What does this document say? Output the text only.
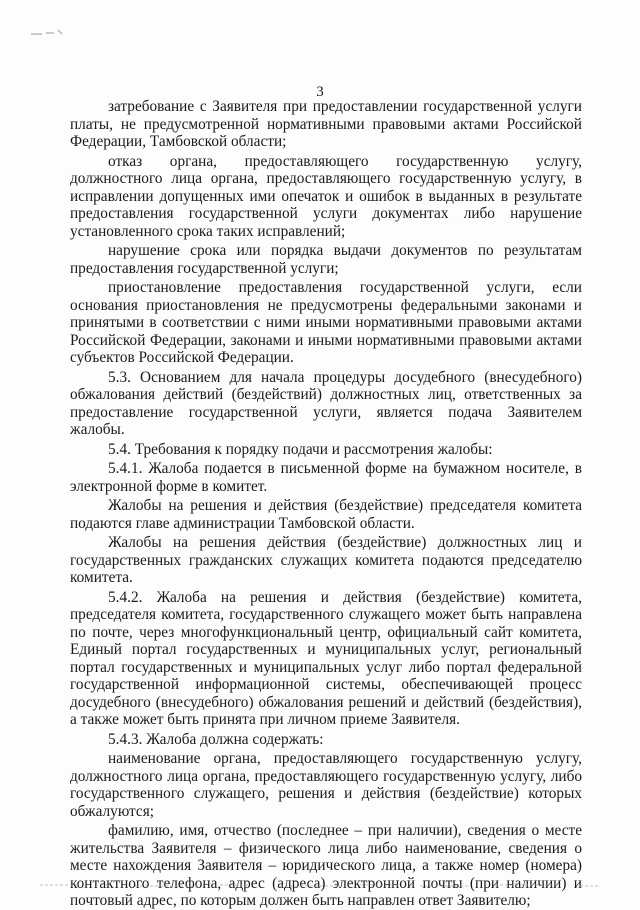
3

затребование с Заявителя при предоставлении государственной услуги платы, не предусмотренной нормативными правовыми актами Российской Федерации, Тамбовской области;

отказ органа, предоставляющего государственную услугу, должностного лица органа, предоставляющего государственную услугу, в исправлении допущенных ими опечаток и ошибок в выданных в результате предоставления государственной услуги документах либо нарушение установленного срока таких исправлений;

нарушение срока или порядка выдачи документов по результатам предоставления государственной услуги;

приостановление предоставления государственной услуги, если основания приостановления не предусмотрены федеральными законами и принятыми в соответствии с ними иными нормативными правовыми актами Российской Федерации, законами и иными нормативными правовыми актами субъектов Российской Федерации.

5.3. Основанием для начала процедуры досудебного (внесудебного) обжалования действий (бездействий) должностных лиц, ответственных за предоставление государственной услуги, является подача Заявителем жалобы.

5.4. Требования к порядку подачи и рассмотрения жалобы:

5.4.1. Жалоба подается в письменной форме на бумажном носителе, в электронной форме в комитет.

Жалобы на решения и действия (бездействие) председателя комитета подаются главе администрации Тамбовской области.

Жалобы на решения действия (бездействие) должностных лиц и государственных гражданских служащих комитета подаются председателю комитета.

5.4.2. Жалоба на решения и действия (бездействие) комитета, председателя комитета, государственного служащего может быть направлена по почте, через многофункциональный центр, официальный сайт комитета, Единый портал государственных и муниципальных услуг, региональный портал государственных и муниципальных услуг либо портал федеральной государственной информационной системы, обеспечивающей процесс досудебного (внесудебного) обжалования решений и действий (бездействия), а также может быть принята при личном приеме Заявителя.

5.4.3. Жалоба должна содержать:

наименование органа, предоставляющего государственную услугу, должностного лица органа, предоставляющего государственную услугу, либо государственного служащего, решения и действия (бездействие) которых обжалуются;

фамилию, имя, отчество (последнее – при наличии), сведения о месте жительства Заявителя – физического лица либо наименование, сведения о месте нахождения Заявителя – юридического лица, а также номер (номера) контактного телефона, адрес (адреса) электронной почты (при наличии) и почтовый адрес, по которым должен быть направлен ответ Заявителю;
